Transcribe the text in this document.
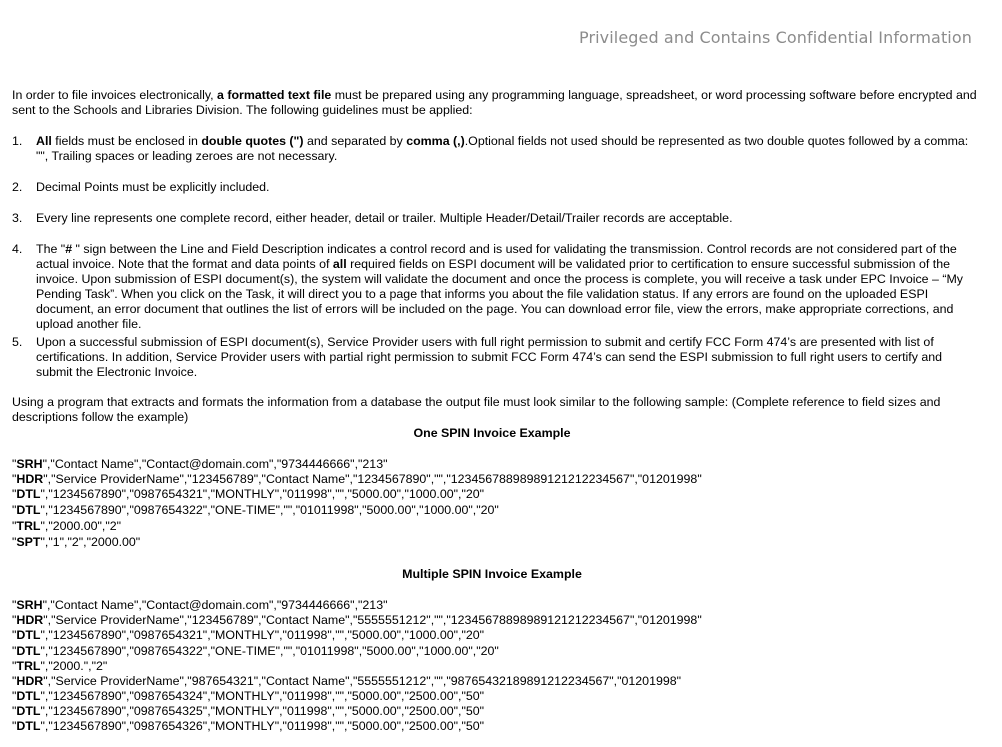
Privileged and Contains Confidential Information

In order to file invoices electronically, a formatted text file must be prepared using any programming language, spreadsheet, or word processing software before encrypted and sent to the Schools and Libraries Division. The following guidelines must be applied:

1.	All fields must be enclosed in double quotes (") and separated by comma (,).Optional fields not used should be represented as two double quotes followed by a comma: "", Trailing spaces or leading zeroes are not necessary.
2.	Decimal Points must be explicitly included.
3.	Every line represents one complete record, either header, detail or trailer. Multiple Header/Detail/Trailer records are acceptable.
4.	The "# " sign between the Line and Field Description indicates a control record and is used for validating the transmission. Control records are not considered part of the actual invoice. Note that the format and data points of all required fields on ESPI document will be validated prior to certification to ensure successful submission of the invoice. Upon submission of ESPI document(s), the system will validate the document and once the process is complete, you will receive a task under EPC Invoice – “My Pending Task”. When you click on the Task, it will direct you to a page that informs you about the file validation status. If any errors are found on the uploaded ESPI document, an error document that outlines the list of errors will be included on the page. You can download error file, view the errors, make appropriate corrections, and upload another file.
5.	Upon a successful submission of ESPI document(s), Service Provider users with full right permission to submit and certify FCC Form 474’s are presented with list of certifications. In addition, Service Provider users with partial right permission to submit FCC Form 474’s can send the ESPI submission to full right users to certify and submit the Electronic Invoice.

Using a program that extracts and formats the information from a database the output file must look similar to the following sample: (Complete reference to field sizes and descriptions follow the example)

One SPIN Invoice Example
"SRH","Contact Name","Contact@domain.com","9734446666","213"
"HDR","Service ProviderName","123456789","Contact Name","1234567890","","12345678898989121212234567","01201998"
"DTL","1234567890","0987654321","MONTHLY","011998","","5000.00","1000.00","20"
"DTL","1234567890","0987654322","ONE-TIME","","01011998","5000.00","1000.00","20"
"TRL","2000.00","2"
"SPT","1","2","2000.00"
Multiple SPIN Invoice Example
"SRH","Contact Name","Contact@domain.com","9734446666","213"
"HDR","Service ProviderName","123456789","Contact Name","5555551212","","12345678898989121212234567","01201998"
"DTL","1234567890","0987654321","MONTHLY","011998","","5000.00","1000.00","20"
"DTL","1234567890","0987654322","ONE-TIME","","01011998","5000.00","1000.00","20"
"TRL","2000.","2"
"HDR","Service ProviderName","987654321","Contact Name","5555551212","","98765432189891212234567","01201998"
"DTL","1234567890","0987654324","MONTHLY","011998","","5000.00","2500.00","50"
"DTL","1234567890","0987654325","MONTHLY","011998","","5000.00","2500.00","50"
"DTL","1234567890","0987654326","MONTHLY","011998","","5000.00","2500.00","50"
